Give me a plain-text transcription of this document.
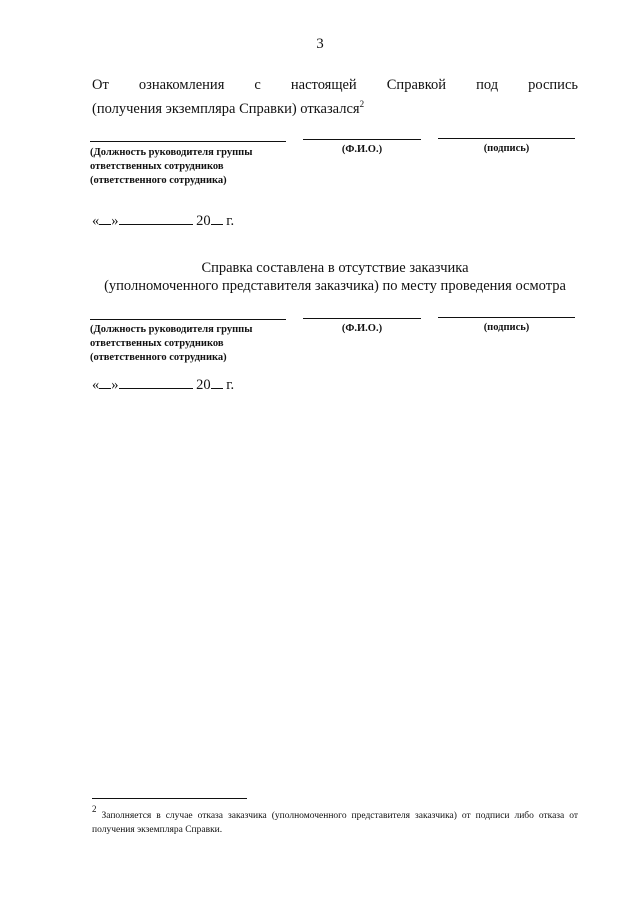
3
От ознакомления с настоящей Справкой под роспись
(получения экземпляра Справки) отказался$^2$
(Должность руководителя группы
ответственных сотрудников
(ответственного сотрудника)
(Ф.И.О.)	(подпись)
« »	20 г.
Справка составлена в отсутствие заказчика
(уполномоченного представителя заказчика) по месту проведения осмотра
(Должность руководителя группы
ответственных сотрудников
(ответственного сотрудника)
(Ф.И.О.)	(подпись)
« »	20 г.
2 Заполняется в случае отказа заказчика (уполномоченного представителя заказчика) от подписи либо отказа от получения экземпляра Справки.
